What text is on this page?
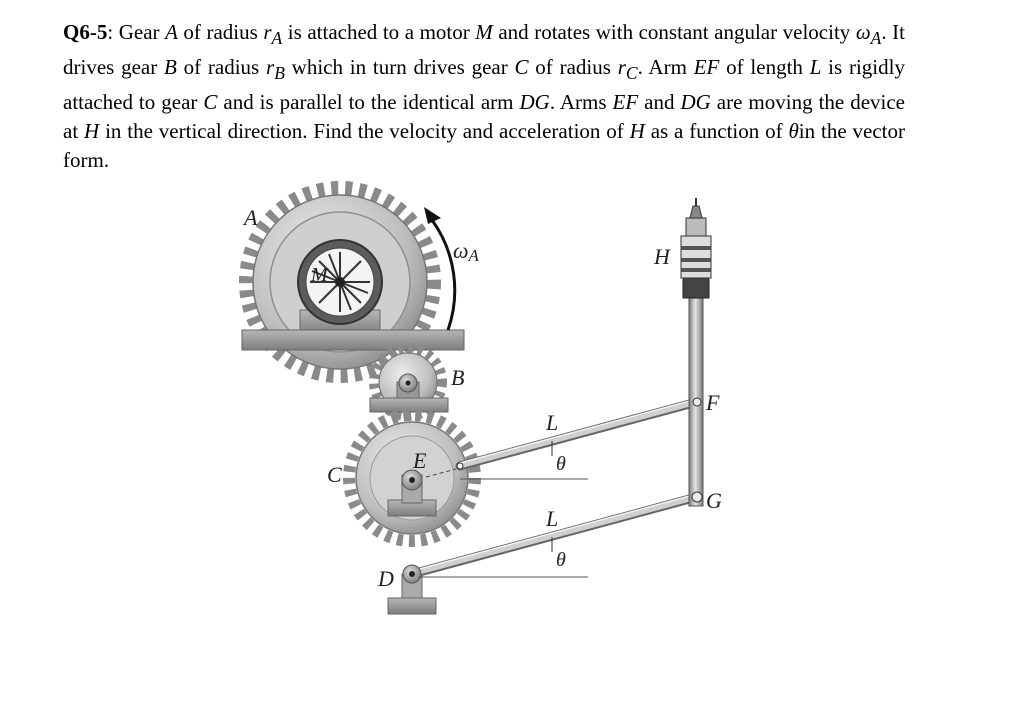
Q6-5: Gear A of radius $r_A$ is attached to a motor M and rotates with constant angular velocity $\omega_A$. It drives gear B of radius $r_B$ which in turn drives gear C of radius $r_C$. Arm EF of length L is rigidly attached to gear C and is parallel to the identical arm DG. Arms EF and DG are moving the device at H in the vertical direction. Find the velocity and acceleration of H as a function of θin the vector form.
A
M
ωA
B
C
E
D
F
G
H
L
L
θ
θ
